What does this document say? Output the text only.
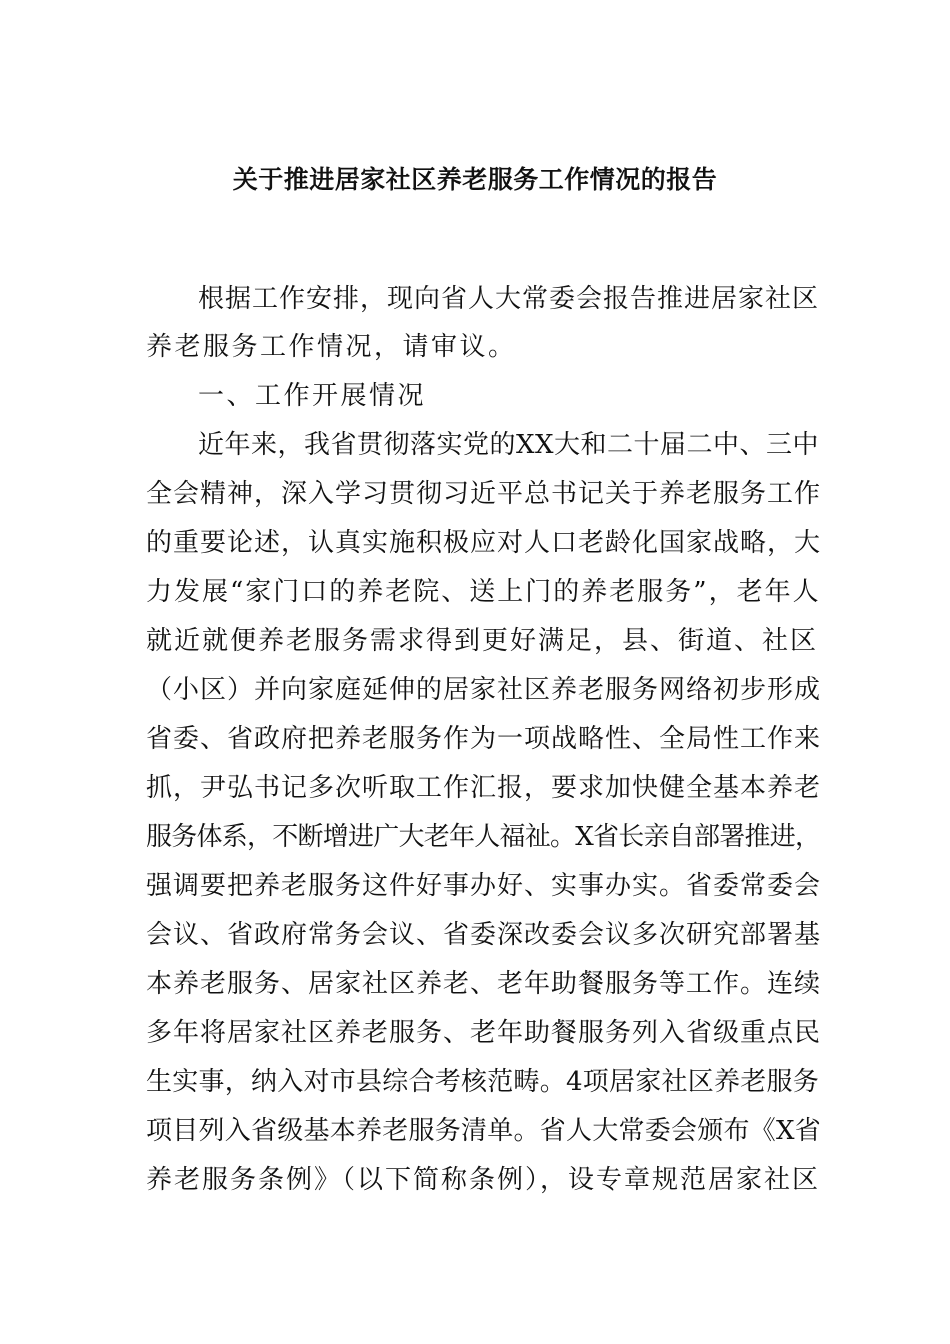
关于推进居家社区养老服务工作情况的报告
根据工作安排，现向省人大常委会报告推进居家社区
养老服务工作情况，请审议。
一、工作开展情况
近年来，我省贯彻落实党的XX大和二十届二中、三中
全会精神，深入学习贯彻习近平总书记关于养老服务工作
的重要论述，认真实施积极应对人口老龄化国家战略，大
力发展“家门口的养老院、送上门的养老服务”，老年人
就近就便养老服务需求得到更好满足，县、街道、社区
（小区）并向家庭延伸的居家社区养老服务网络初步形成
省委、省政府把养老服务作为一项战略性、全局性工作来
抓，尹弘书记多次听取工作汇报，要求加快健全基本养老
服务体系，不断增进广大老年人福祉。X省长亲自部署推进，
强调要把养老服务这件好事办好、实事办实。省委常委会
会议、省政府常务会议、省委深改委会议多次研究部署基
本养老服务、居家社区养老、老年助餐服务等工作。连续
多年将居家社区养老服务、老年助餐服务列入省级重点民
生实事，纳入对市县综合考核范畴。4项居家社区养老服务
项目列入省级基本养老服务清单。省人大常委会颁布《X省
养老服务条例》（以下简称条例），设专章规范居家社区
